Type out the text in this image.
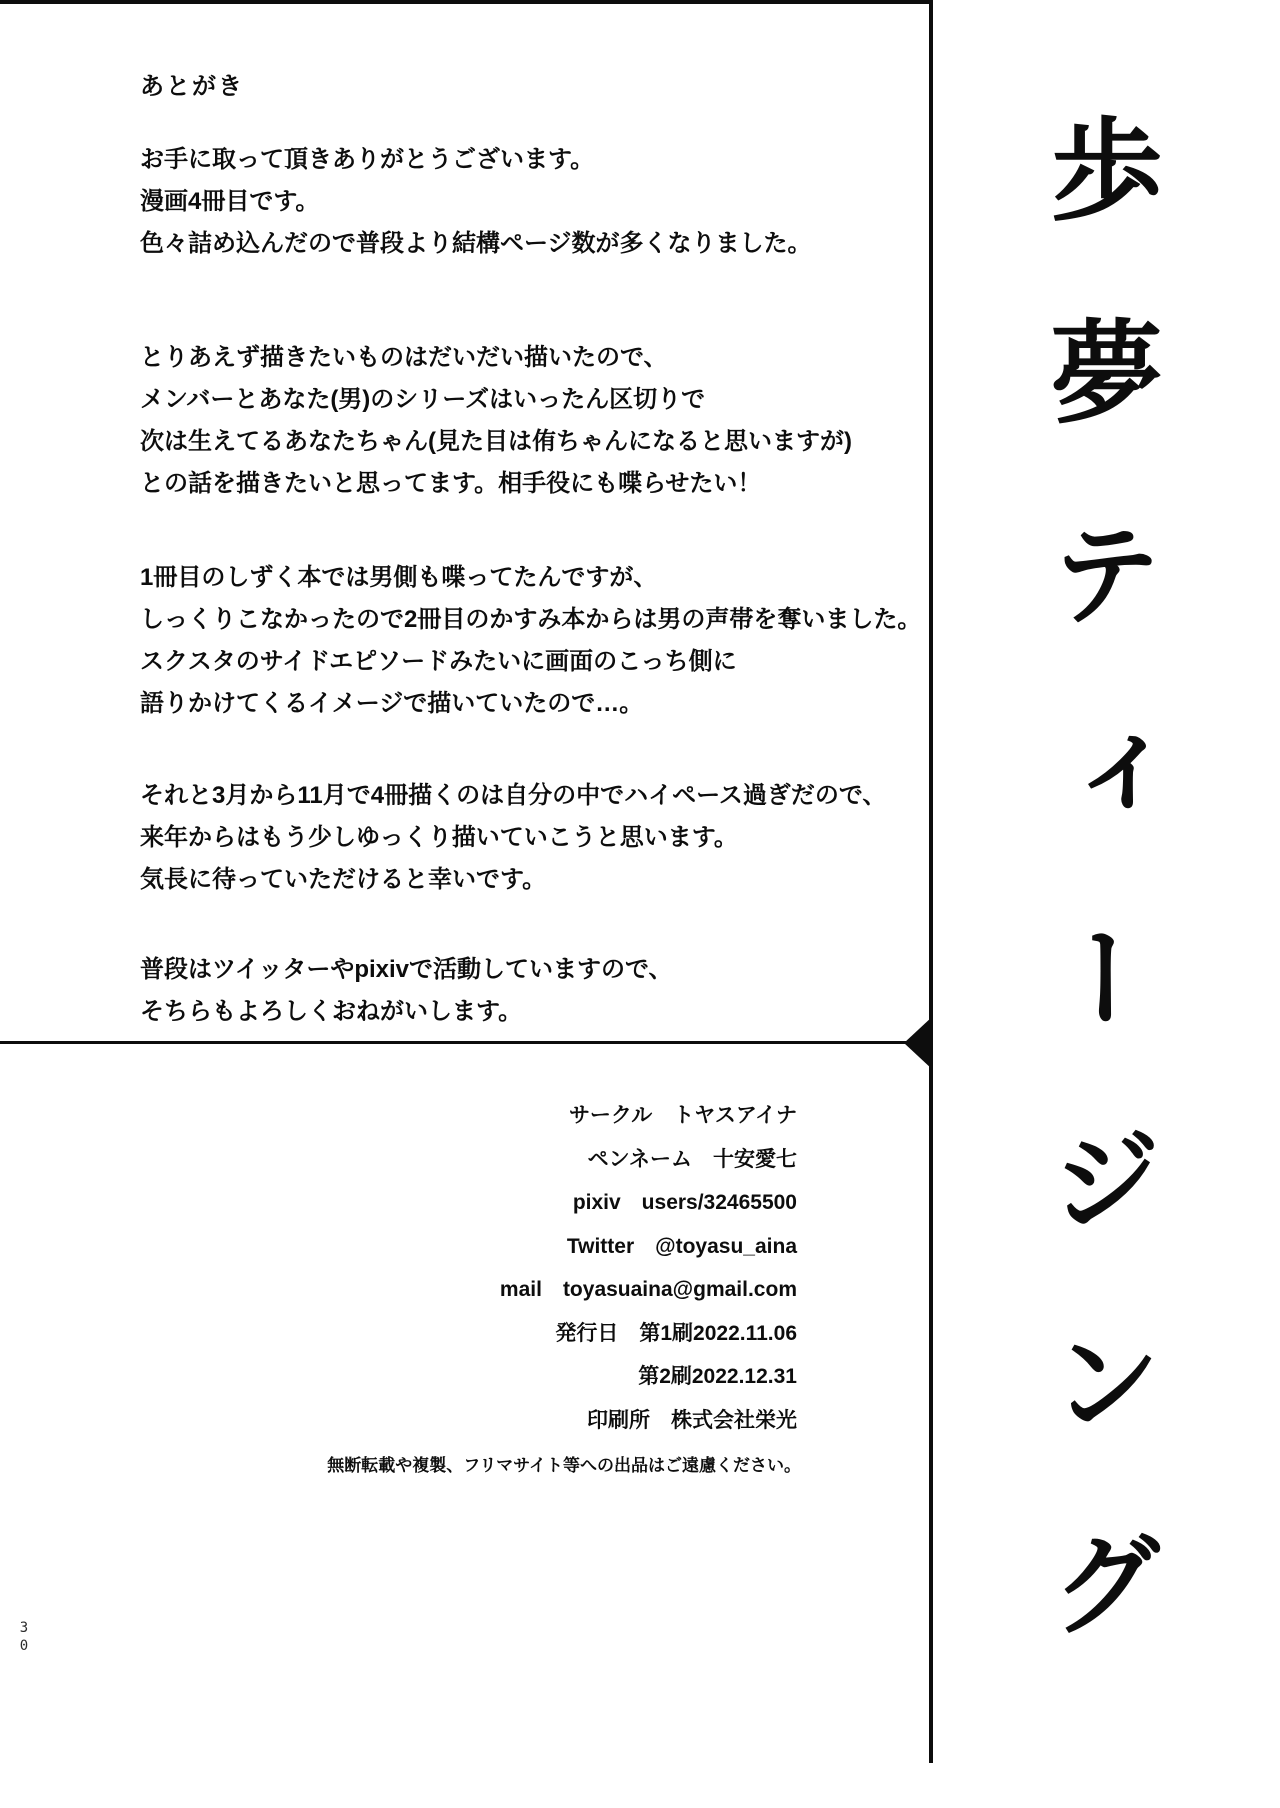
あとがき

お手に取って頂きありがとうございます。

漫画4冊目です。

色々詰め込んだので普段より結構ページ数が多くなりました。

とりあえず描きたいものはだいだい描いたので、

メンバーとあなた(男)のシリーズはいったん区切りで

次は生えてるあなたちゃん(見た目は侑ちゃんになると思いますが)

との話を描きたいと思ってます。相手役にも喋らせたい！

1冊目のしずく本では男側も喋ってたんですが、

しっくりこなかったので2冊目のかすみ本からは男の声帯を奪いました。

スクスタのサイドエピソードみたいに画面のこっち側に

語りかけてくるイメージで描いていたので…。

それと3月から11月で4冊描くのは自分の中でハイペース過ぎだので、

来年からはもう少しゆっくり描いていこうと思います。

気長に待っていただけると幸いです。

普段はツイッターやpixivで活動していますので、

そちらもよろしくおねがいします。

サークル　トヤスアイナ

ペンネーム　十安愛七

pixiv　users/32465500

Twitter　@toyasu_aina

mail　toyasuaina@gmail.com

発行日　第1刷2022.11.06

第2刷2022.12.31

印刷所　株式会社栄光

無断転載や複製、フリマサイト等への出品はご遠慮ください。 歩夢ティージング
30
